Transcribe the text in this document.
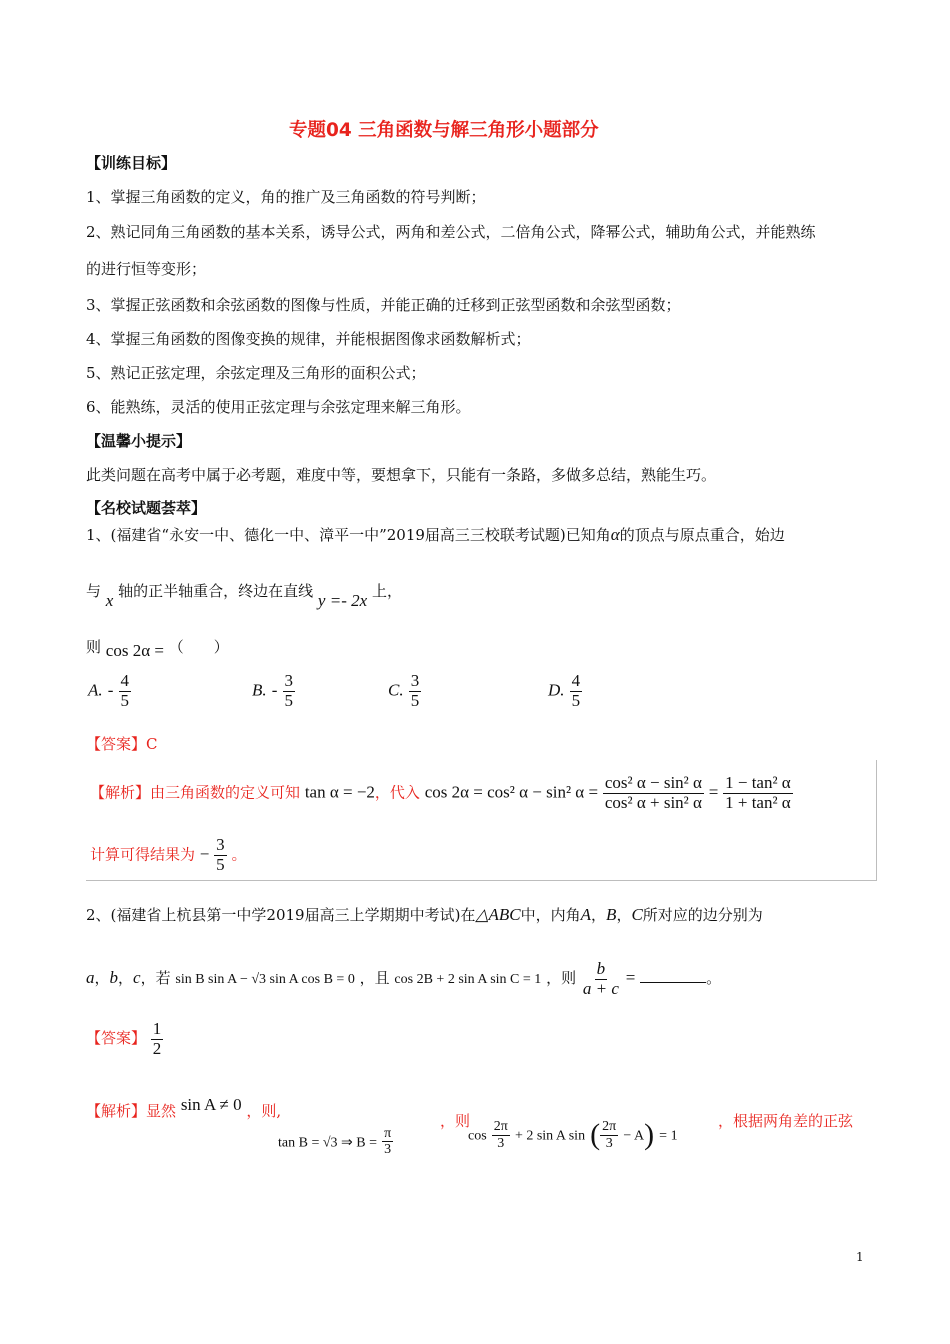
专题04 三角函数与解三角形小题部分
【训练目标】
1、掌握三角函数的定义，角的推广及三角函数的符号判断；
2、熟记同角三角函数的基本关系，诱导公式，两角和差公式，二倍角公式，降幂公式，辅助角公式，并能熟练
的进行恒等变形；
3、掌握正弦函数和余弦函数的图像与性质，并能正确的迁移到正弦型函数和余弦型函数；
4、掌握三角函数的图像变换的规律，并能根据图像求函数解析式；
5、熟记正弦定理，余弦定理及三角形的面积公式；
6、能熟练，灵活的使用正弦定理与余弦定理来解三角形。
【温馨小提示】
此类问题在高考中属于必考题，难度中等，要想拿下，只能有一条路，多做多总结，熟能生巧。
【名校试题荟萃】
1、(福建省“永安一中、德化一中、漳平一中”2019届高三三校联考试题)已知角α的顶点与原点重合，始边
与 x 轴的正半轴重合，终边在直线 y =- 2x 上，
则 cos 2α = （　　）
A. - $\frac{4}{5}$	B. - $\frac{3}{5}$	C. $\frac{3}{5}$	D. $\frac{4}{5}$
【答案】C
【解析】由三角函数的定义可知 tan α = −2，代入 cos 2α = cos² α − sin² $\alpha = \frac{\text{cos² α − sin² α}}{\text{cos² α + sin² α}} = \frac{\text{1 − tan² α}}{\text{1 + tan² α}}$
计算可得结果为 − $\frac{3}{5}$ 。
2、(福建省上杭县第一中学2019届高三上学期期中考试)在△ABC中，内角A，B，C所对应的边分别为
a，b，c，若 sin B sin A − √3 sin A cos B = 0 ，且 cos 2B + 2 sin A sin C = 1 ，则 $\frac{b}{a + c}$ =	。
【答案】 $\frac{1}{2}$
【解析】显然 sin A ≠ 0 ，则,
tan B = √3 ⇒ $B = \frac{\pi}{3}$
，则
$\cos \frac{2\pi}{3} + 2$ sin A sin ( $\frac{2\pi}{3} - A) = 1$
，根据两角差的正弦
1
